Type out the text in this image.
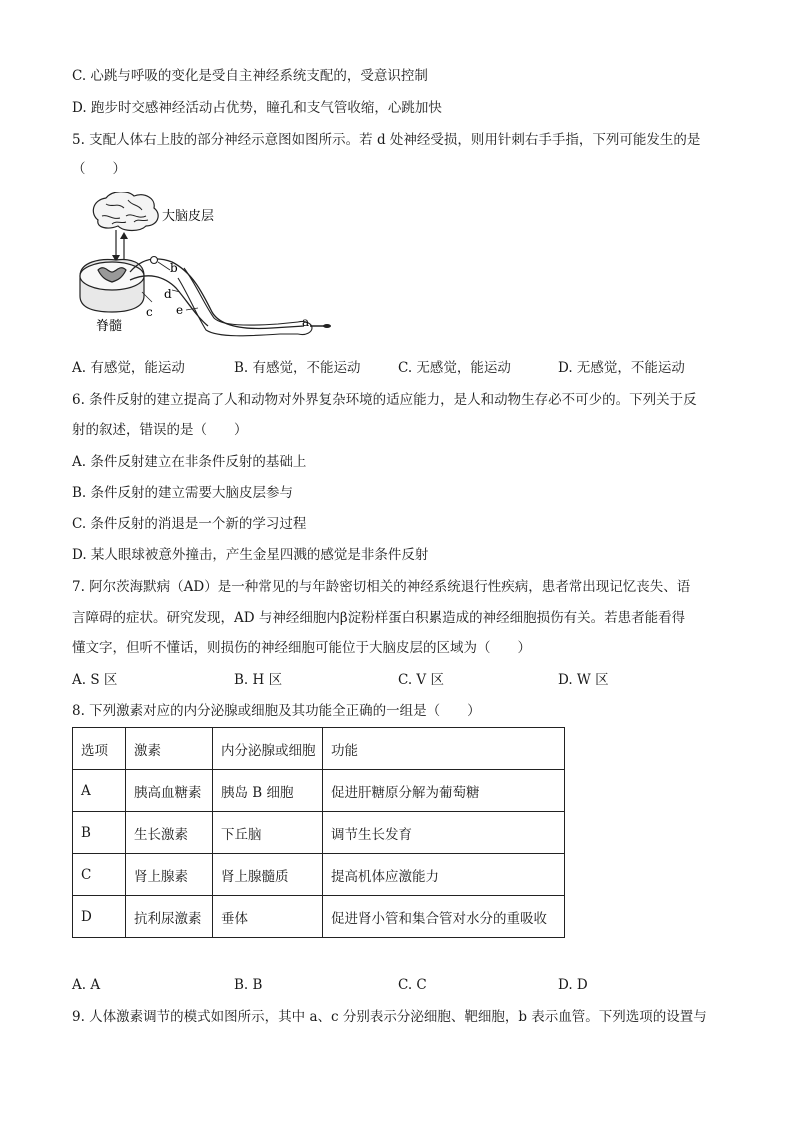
C. 心跳与呼吸的变化是受自主神经系统支配的，受意识控制
D. 跑步时交感神经活动占优势，瞳孔和支气管收缩，心跳加快
5. 支配人体右上肢的部分神经示意图如图所示。若 d 处神经受损，则用针刺右手手指，下列可能发生的是
（　　）
大脑皮层
脊髓
b
c
d
e
a
A. 有感觉，能运动	B. 有感觉，不能运动	C. 无感觉，能运动	D. 无感觉，不能运动
6. 条件反射的建立提高了人和动物对外界复杂环境的适应能力，是人和动物生存必不可少的。下列关于反
射的叙述，错误的是（　　）
A. 条件反射建立在非条件反射的基础上
B. 条件反射的建立需要大脑皮层参与
C. 条件反射的消退是一个新的学习过程
D. 某人眼球被意外撞击，产生金星四溅的感觉是非条件反射
7. 阿尔茨海默病（AD）是一种常见的与年龄密切相关的神经系统退行性疾病，患者常出现记忆丧失、语
言障碍的症状。研究发现，AD 与神经细胞内β淀粉样蛋白积累造成的神经细胞损伤有关。若患者能看得
懂文字，但听不懂话，则损伤的神经细胞可能位于大脑皮层的区域为（　　）
A. S 区	B. H 区	C. V 区	D. W 区
8. 下列激素对应的内分泌腺或细胞及其功能全正确的一组是（　　）
选项	激素	内分泌腺或细胞	功能
A	胰高血糖素	胰岛 B 细胞	促进肝糖原分解为葡萄糖
B	生长激素	下丘脑	调节生长发育
C	肾上腺素	肾上腺髓质	提高机体应激能力
D	抗利尿激素	垂体	促进肾小管和集合管对水分的重吸收
A. A	B. B	C. C	D. D
9. 人体激素调节的模式如图所示，其中 a、c 分别表示分泌细胞、靶细胞，b 表示血管。下列选项的设置与
